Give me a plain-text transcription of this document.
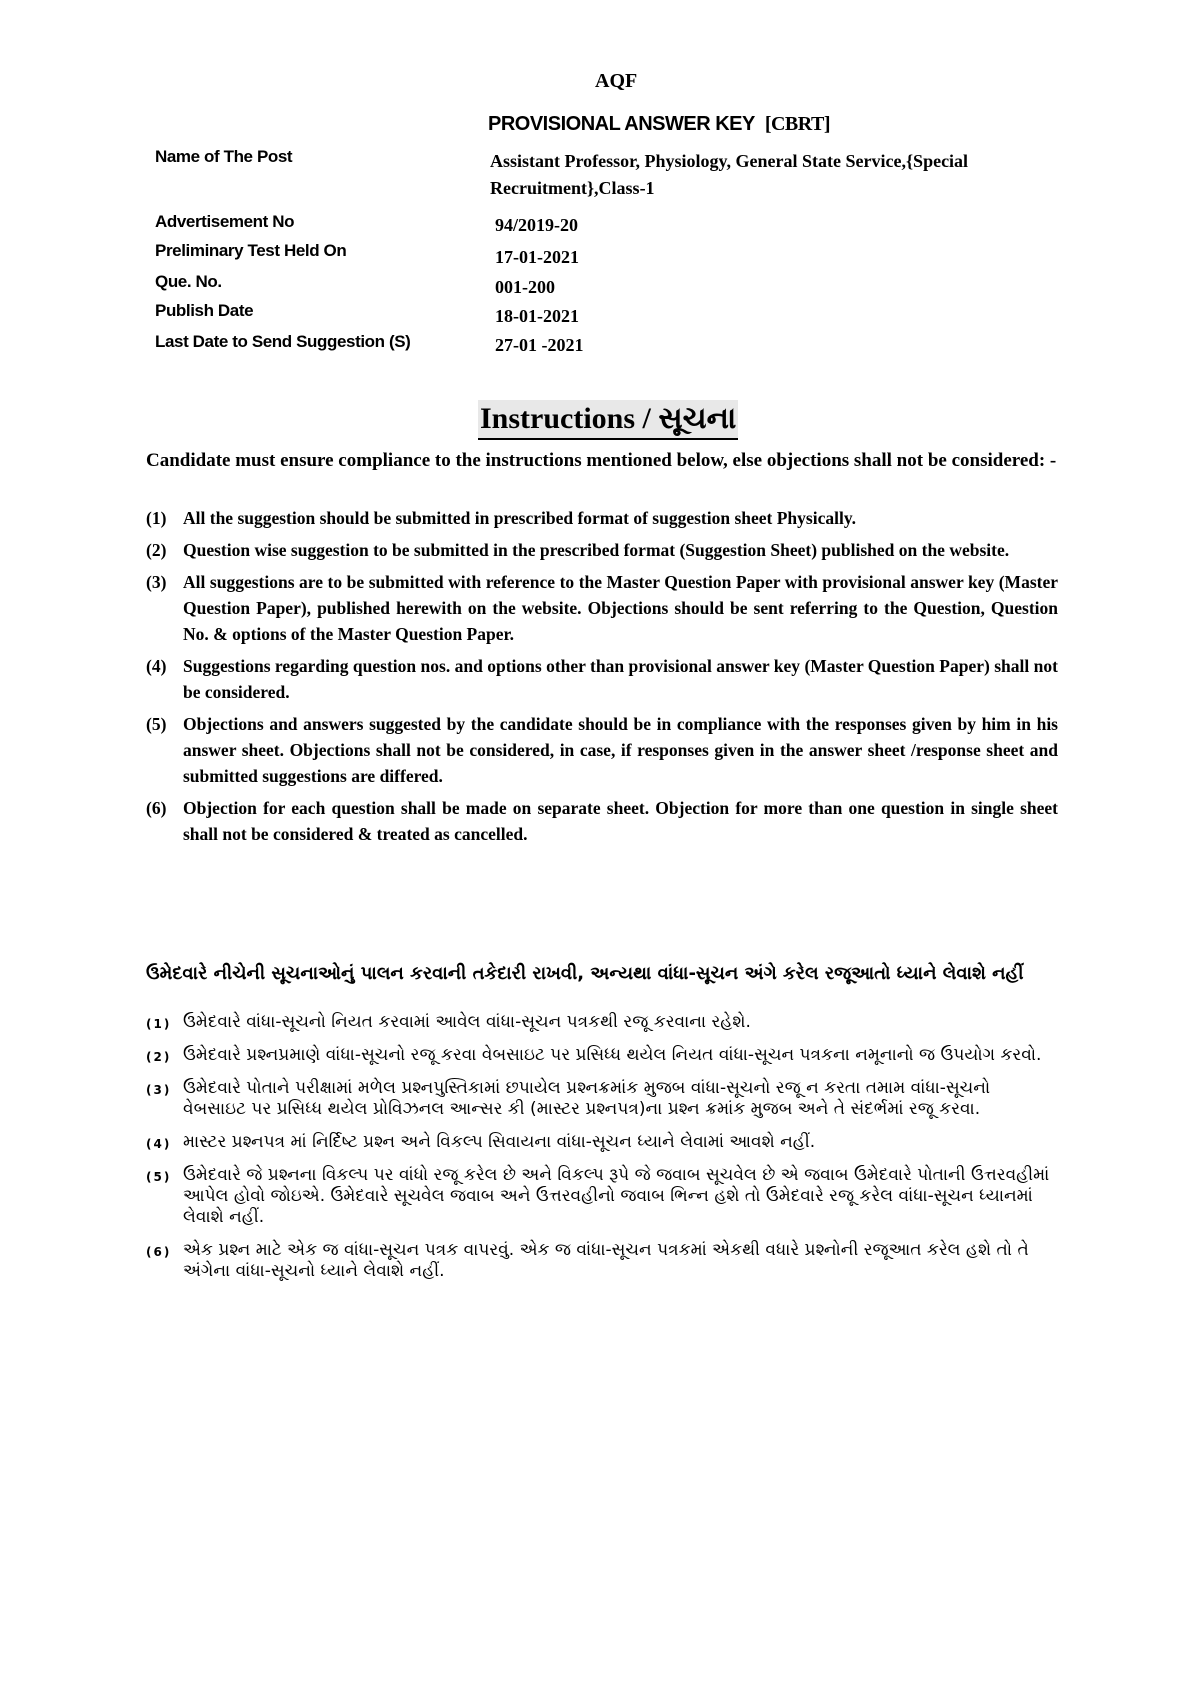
AQF
PROVISIONAL ANSWER KEY [CBRT]
Name of The Post	Assistant Professor, Physiology, General State Service,{Special Recruitment},Class-1
Advertisement No	94/2019-20
Preliminary Test Held On	17-01-2021
Que. No.	001-200
Publish Date	18-01-2021
Last Date to Send Suggestion (S)	27-01 -2021
Instructions / સૂચના
Candidate must ensure compliance to the instructions mentioned below, else objections shall not be considered: -
(1) All the suggestion should be submitted in prescribed format of suggestion sheet Physically.
(2) Question wise suggestion to be submitted in the prescribed format (Suggestion Sheet) published on the website.
(3) All suggestions are to be submitted with reference to the Master Question Paper with provisional answer key (Master Question Paper), published herewith on the website. Objections should be sent referring to the Question, Question No. & options of the Master Question Paper.
(4) Suggestions regarding question nos. and options other than provisional answer key (Master Question Paper) shall not be considered.
(5) Objections and answers suggested by the candidate should be in compliance with the responses given by him in his answer sheet. Objections shall not be considered, in case, if responses given in the answer sheet /response sheet and submitted suggestions are differed.
(6) Objection for each question shall be made on separate sheet. Objection for more than one question in single sheet shall not be considered & treated as cancelled.
ઉમેદવારે નીચેની સૂચનાઓનું પાલન કરવાની તકેદારી રાખવી, અન્યથા વાંધા-સૂચન અંગે કરેલ રજૂઆતો ધ્યાને લેવાશે નહીં
(1) ઉમેદવારે વાંધા-સૂચનો નિયત કરવામાં આવેલ વાંધા-સૂચન પત્રકથી રજૂ કરવાના રહેશે.
(2) ઉમેદવારે પ્રશ્નપ્રમાણે વાંધા-સૂચનો રજૂ કરવા વેબસાઇટ પર પ્રસિધ્ધ થયેલ નિયત વાંધા-સૂચન પત્રકના નમૂનાનો જ ઉપયોગ કરવો.
(3) ઉમેદવારે પોતાને પરીક્ષામાં મળેલ પ્રશ્નપુસ્તિકામાં છપાયેલ પ્રશ્નક્રમાંક મુજબ વાંધા-સૂચનો રજૂ ન કરતા તમામ વાંધા-સૂચનો વેબસાઇટ પર પ્રસિધ્ધ થયેલ પ્રોવિઝનલ આન્સર કી (માસ્ટર પ્રશ્નપત્ર)ના પ્રશ્ન ક્રમાંક મુજબ અને તે સંદર્ભમાં રજૂ કરવા.
(4) માસ્ટર પ્રશ્નપત્ર માં નિર્દિષ્ટ પ્રશ્ન અને વિકલ્પ સિવાયના વાંધા-સૂચન ધ્યાને લેવામાં આવશે નહીં.
(5) ઉમેદવારે જે પ્રશ્નના વિકલ્પ પર વાંધો રજૂ કરેલ છે અને વિકલ્પ રૂપે જે જવાબ સૂચવેલ છે એ જવાબ ઉમેદવારે પોતાની ઉત્તરવહીમાં આપેલ હોવો જોઇએ. ઉમેદવારે સૂચવેલ જવાબ અને ઉત્તરવહીનો જવાબ ભિન્ન હશે તો ઉમેદવારે રજૂ કરેલ વાંધા-સૂચન ધ્યાનમાં લેવાશે નહીં.
(6) એક પ્રશ્ન માટે એક જ વાંધા-સૂચન પત્રક વાપરવું. એક જ વાંધા-સૂચન પત્રકમાં એકથી વધારે પ્રશ્નોની રજૂઆત કરેલ હશે તો તે અંગેના વાંધા-સૂચનો ધ્યાને લેવાશે નહીં.
